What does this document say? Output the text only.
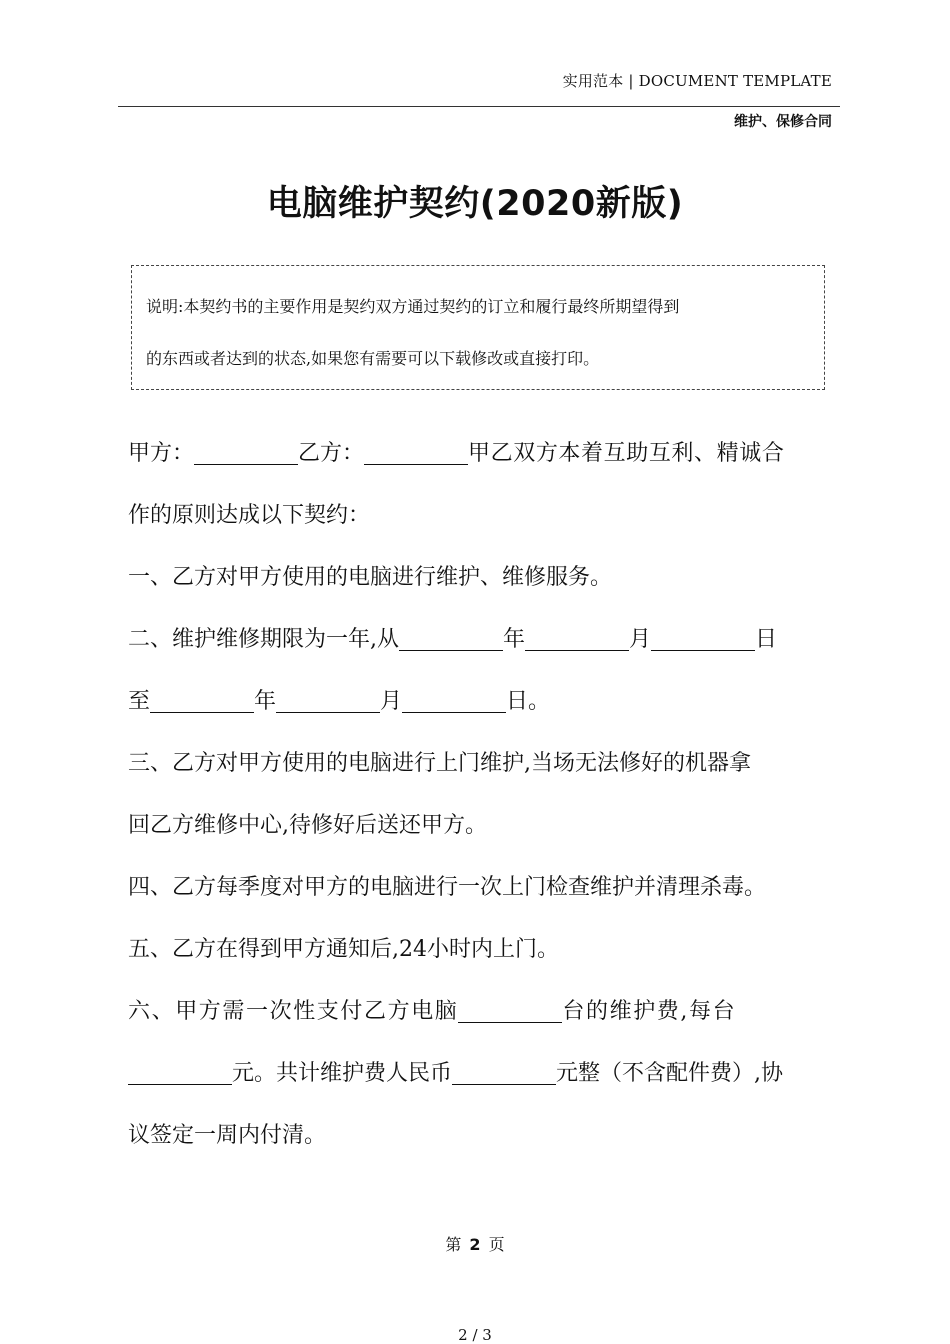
实用范本 | DOCUMENT TEMPLATE
维护、保修合同
电脑维护契约(2020新版)

说明:本契约书的主要作用是契约双方通过契约的订立和履行最终所期望得到

的东西或者达到的状态,如果您有需要可以下载修改或直接打印。

甲方：	乙方：	甲乙双方本着互助互利、精诚合
作的原则达成以下契约：
一、乙方对甲方使用的电脑进行维护、维修服务。
二、维护维修期限为一年,从	年	月	日
至	年	月	日。
三、乙方对甲方使用的电脑进行上门维护,当场无法修好的机器拿
回乙方维修中心,待修好后送还甲方。
四、乙方每季度对甲方的电脑进行一次上门检查维护并清理杀毒。
五、乙方在得到甲方通知后,24小时内上门。
六、甲方需一次性支付乙方电脑	台的维护费,每台
元。共计维护费人民币	元整（不含配件费）,协
议签定一周内付清。
第 2 页
2 / 3
